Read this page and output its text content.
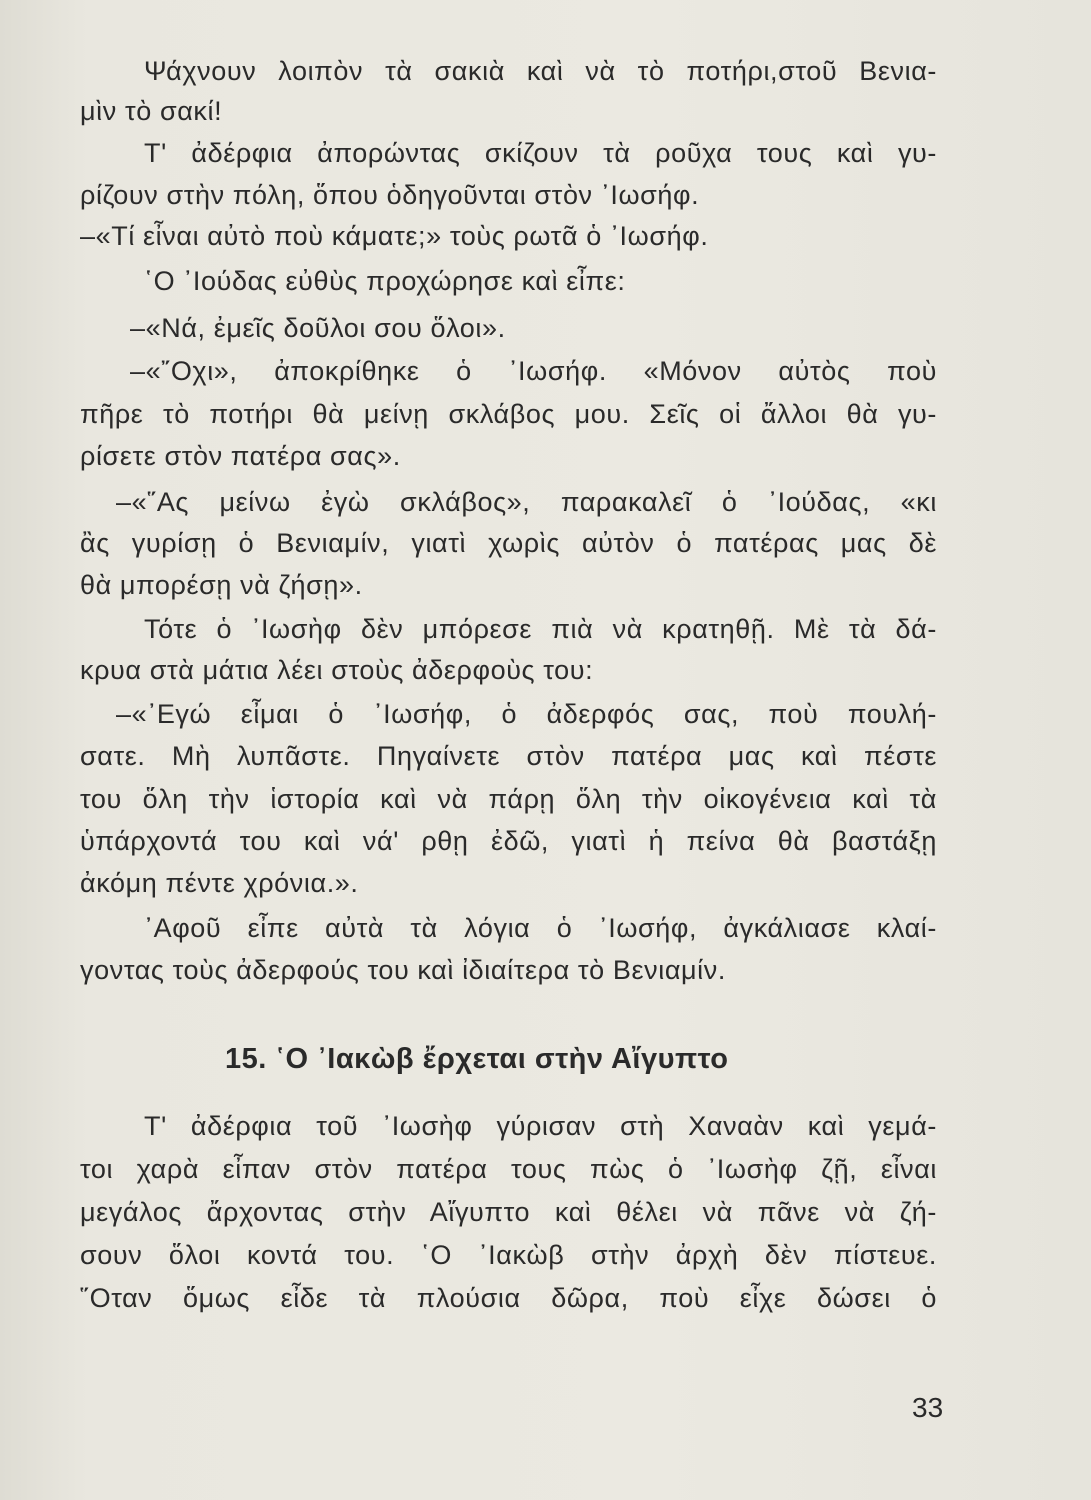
Ψάχνουν λοιπὸν τὰ σακιὰ καὶ νὰ τὸ ποτήρι,στοῦ Βενια-
μὶν τὸ σακί!
Τ' ἀδέρφια ἀπορώντας σκίζουν τὰ ροῦχα τους καὶ γυ-
ρίζουν στὴν πόλη, ὅπου ὁδηγοῦνται στὸν ᾿Ιωσήφ.
–«Τί εἶναι αὐτὸ ποὺ κάματε;» τοὺς ρωτᾶ ὁ ᾿Ιωσήφ.
῾Ο ᾿Ιούδας εὐθὺς προχώρησε καὶ εἶπε:
–«Νά, ἐμεῖς δοῦλοι σου ὅλοι».
–«῎Οχι», ἀποκρίθηκε ὁ ᾿Ιωσήφ. «Μόνον αὐτὸς ποὺ
πῆρε τὸ ποτήρι θὰ μείνῃ σκλάβος μου. Σεῖς οἱ ἄλλοι θὰ γυ-
ρίσετε στὸν πατέρα σας».
–«῞Ας μείνω ἐγὼ σκλάβος», παρακαλεῖ ὁ ᾿Ιούδας, «κι
ἂς γυρίσῃ ὁ Βενιαμίν, γιατὶ χωρὶς αὐτὸν ὁ πατέρας μας δὲ
θὰ μπορέσῃ νὰ ζήσῃ».
Τότε ὁ ᾿Ιωσὴφ δὲν μπόρεσε πιὰ νὰ κρατηθῇ. Μὲ τὰ δά-
κρυα στὰ μάτια λέει στοὺς ἀδερφοὺς του:
–«᾿Εγώ εἶμαι ὁ ᾿Ιωσήφ, ὁ ἀδερφός σας, ποὺ πουλή-
σατε. Μὴ λυπᾶστε. Πηγαίνετε στὸν πατέρα μας καὶ πέστε
του ὅλη τὴν ἱστορία καὶ νὰ πάρῃ ὅλη τὴν οἰκογένεια καὶ τὰ
ὑπάρχοντά του καὶ νά' ρθῃ ἐδῶ, γιατὶ ἡ πείνα θὰ βαστάξῃ
ἀκόμη πέντε χρόνια.».
᾿Αφοῦ εἶπε αὐτὰ τὰ λόγια ὁ ᾿Ιωσήφ, ἀγκάλιασε κλαί-
γοντας τοὺς ἀδερφούς του καὶ ἰδιαίτερα τὸ Βενιαμίν.
15. ῾Ο ᾿Ιακὼβ ἔρχεται στὴν Αἴγυπτο
Τ' ἀδέρφια τοῦ ᾿Ιωσὴφ γύρισαν στὴ Χαναὰν καὶ γεμά-
τοι χαρὰ εἶπαν στὸν πατέρα τους πὼς ὁ ᾿Ιωσὴφ ζῇ, εἶναι
μεγάλος ἄρχοντας στὴν Αἴγυπτο καὶ θέλει νὰ πᾶνε νὰ ζή-
σουν ὅλοι κοντά του. ῾Ο ᾿Ιακὼβ στὴν ἀρχὴ δὲν πίστευε.
῞Οταν ὅμως εἶδε τὰ πλούσια δῶρα, ποὺ εἶχε δώσει ὁ
33
